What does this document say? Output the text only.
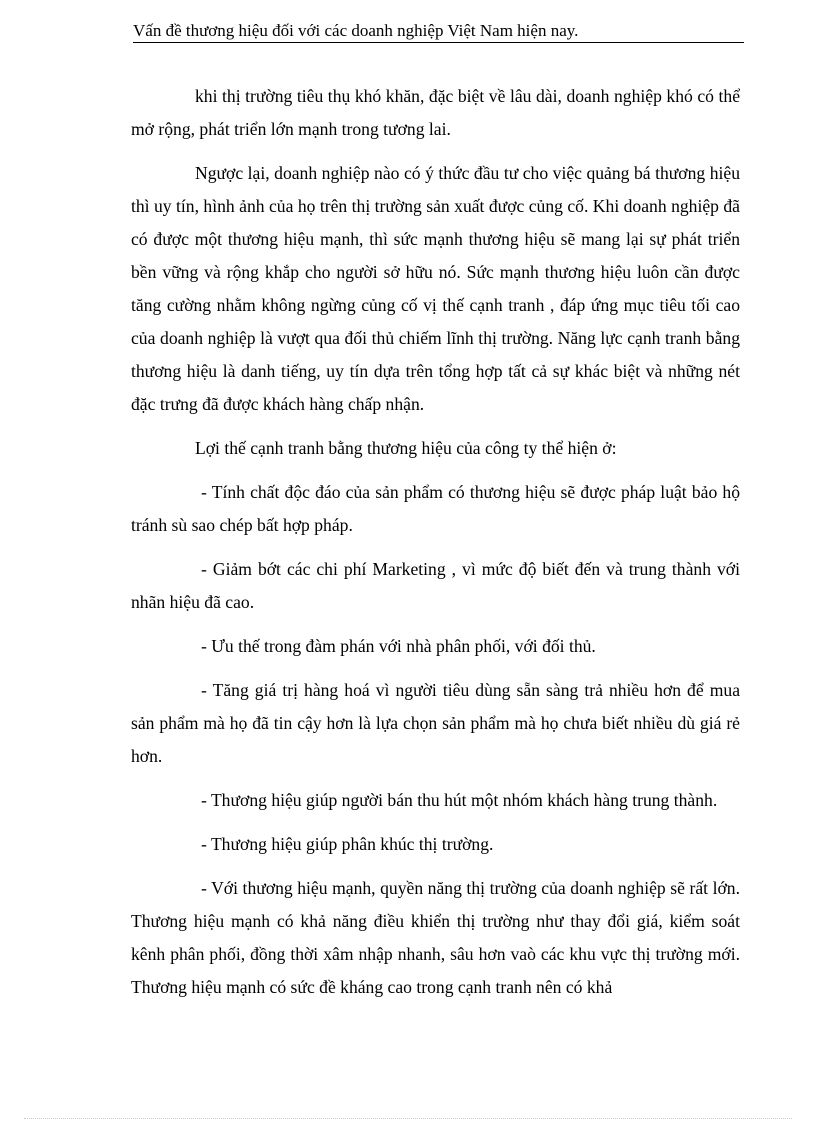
Vấn đề thương hiệu đối với các doanh nghiệp Việt Nam hiện nay.

khi thị trường tiêu thụ khó khăn, đặc biệt về lâu dài, doanh nghiệp khó có thể mở rộng, phát triển lớn mạnh trong tương lai.

Ngược lại, doanh nghiệp nào có ý thức đầu tư cho việc quảng bá thương hiệu thì uy tín, hình ảnh của họ trên thị trường sản xuất được củng cố. Khi doanh nghiệp đã có được một thương hiệu mạnh, thì sức mạnh thương hiệu sẽ mang lại sự phát triển bền vững và rộng khắp cho người sở hữu nó. Sức mạnh thương hiệu luôn cần được tăng cường nhằm không ngừng củng cố vị thế cạnh tranh , đáp ứng mục tiêu tối cao của doanh nghiệp là vượt qua đối thủ chiếm lĩnh thị trường. Năng lực cạnh tranh bằng thương hiệu là danh tiếng, uy tín dựa trên tổng hợp tất cả sự khác biệt và những nét đặc trưng đã được khách hàng chấp nhận.

Lợi thế cạnh tranh bằng thương hiệu của công ty thể hiện ở:

- Tính chất độc đáo của sản phẩm có thương hiệu sẽ được pháp luật bảo hộ tránh sù sao chép bất hợp pháp.

- Giảm bớt các chi phí Marketing , vì mức độ biết đến và trung thành với nhãn hiệu đã cao.

- Ưu thế trong đàm phán với nhà phân phối, với đối thủ.

- Tăng giá trị hàng hoá vì người tiêu dùng sẵn sàng trả nhiều hơn để mua sản phẩm mà họ đã tin cậy hơn là lựa chọn sản phẩm mà họ chưa biết nhiều dù giá rẻ hơn.

- Thương hiệu giúp người bán thu hút một nhóm khách hàng trung thành.

- Thương hiệu giúp phân khúc thị trường.

- Với thương hiệu mạnh, quyền năng thị trường của doanh nghiệp sẽ rất lớn. Thương hiệu mạnh có khả năng điều khiển thị trường như thay đổi giá, kiểm soát kênh phân phối, đồng thời xâm nhập nhanh, sâu hơn vaò các khu vực thị trường mới. Thương hiệu mạnh có sức đề kháng cao trong cạnh tranh nên có khả
